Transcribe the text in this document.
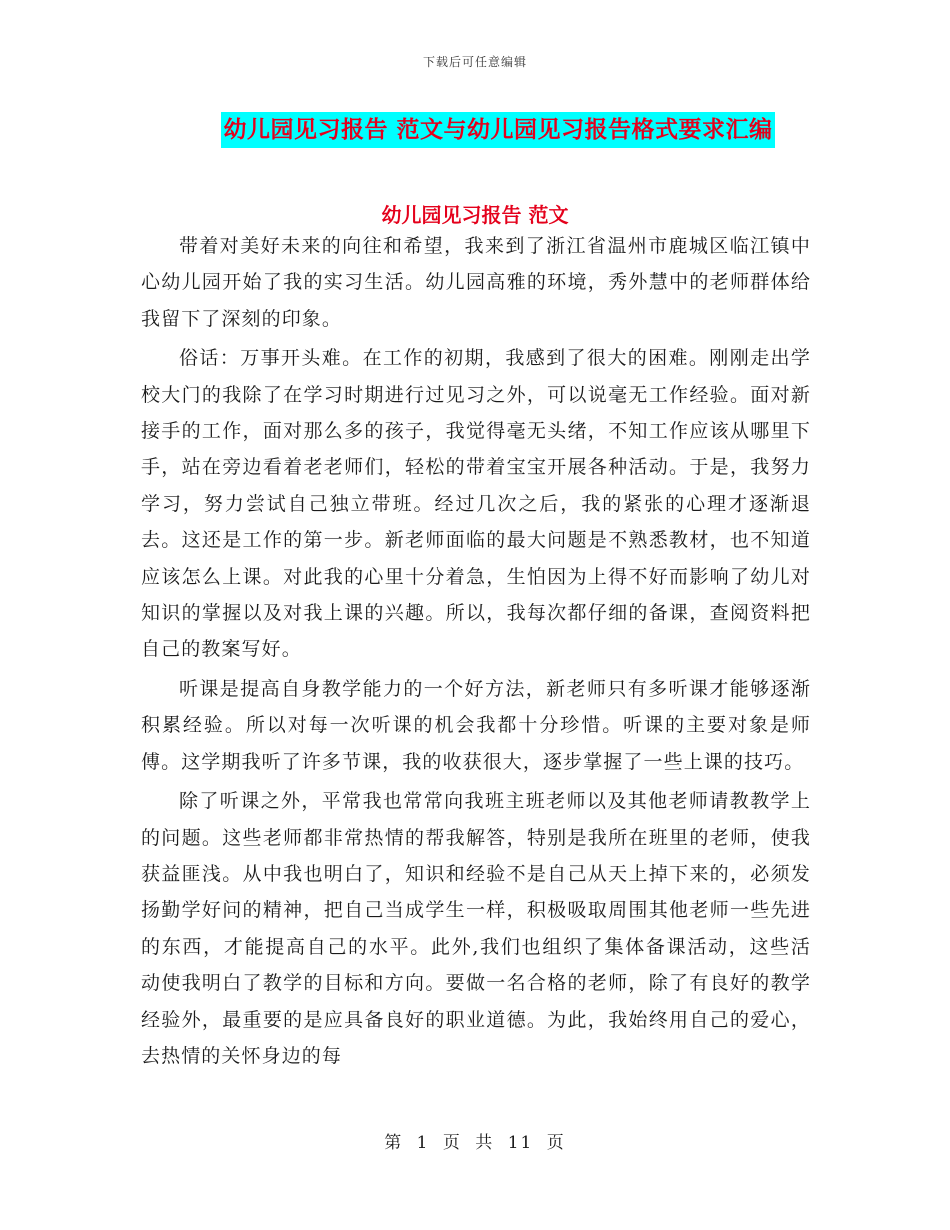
下载后可任意编辑
幼儿园见习报告 范文与幼儿园见习报告格式要求汇编
幼儿园见习报告 范文

带着对美好未来的向往和希望，我来到了浙江省温州市鹿城区临江镇中心幼儿园开始了我的实习生活。幼儿园高雅的环境，秀外慧中的老师群体给我留下了深刻的印象。

俗话：万事开头难。在工作的初期，我感到了很大的困难。刚刚走出学校大门的我除了在学习时期进行过见习之外，可以说毫无工作经验。面对新接手的工作，面对那么多的孩子，我觉得毫无头绪，不知工作应该从哪里下手，站在旁边看着老老师们，轻松的带着宝宝开展各种活动。于是，我努力学习，努力尝试自己独立带班。经过几次之后，我的紧张的心理才逐渐退去。这还是工作的第一步。新老师面临的最大问题是不熟悉教材，也不知道应该怎么上课。对此我的心里十分着急，生怕因为上得不好而影响了幼儿对知识的掌握以及对我上课的兴趣。所以，我每次都仔细的备课，查阅资料把自己的教案写好。

听课是提高自身教学能力的一个好方法，新老师只有多听课才能够逐渐积累经验。所以对每一次听课的机会我都十分珍惜。听课的主要对象是师傅。这学期我听了许多节课，我的收获很大，逐步掌握了一些上课的技巧。

除了听课之外，平常我也常常向我班主班老师以及其他老师请教教学上的问题。这些老师都非常热情的帮我解答，特别是我所在班里的老师，使我获益匪浅。从中我也明白了，知识和经验不是自己从天上掉下来的，必须发扬勤学好问的精神，把自己当成学生一样，积极吸取周围其他老师一些先进的东西，才能提高自己的水平。此外,我们也组织了集体备课活动，这些活动使我明白了教学的目标和方向。要做一名合格的老师，除了有良好的教学经验外，最重要的是应具备良好的职业道德。为此，我始终用自己的爱心，去热情的关怀身边的每

第 1 页 共 11 页
